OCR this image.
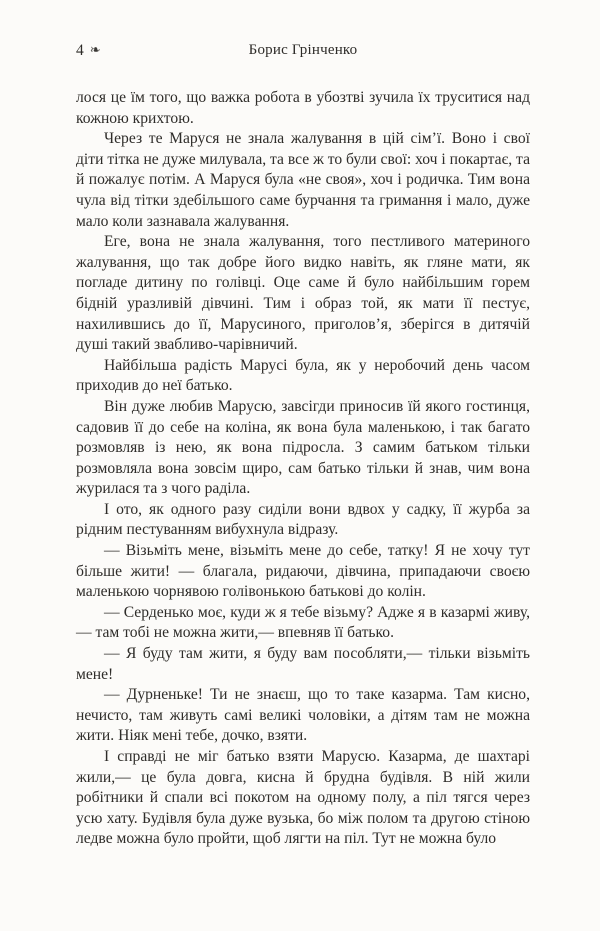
4 ❧	Борис Грінченко

лося це їм того, що важка робота в убозтві зучила їх труситися над кожною крихтою.

Через те Маруся не знала жалування в цій сім’ї. Воно і свої діти тітка не дуже милувала, та все ж то були свої: хоч і покартає, та й пожалує потім. А Маруся була «не своя», хоч і родичка. Тим вона чула від тітки здебільшого саме бурчання та гримання і мало, дуже мало коли зазнавала жалування.

Еге, вона не знала жалування, того пестливого материного жалування, що так добре його видко навіть, як гляне мати, як погладе дитину по голівці. Оце саме й було найбільшим горем бідній уразливій дівчині. Тим і образ той, як мати її пестує, нахилившись до її, Марусиного, приголов’я, зберігся в дитячій душі такий звабливо-чарівничий.

Найбільша радість Марусі була, як у неробочий день часом приходив до неї батько.

Він дуже любив Марусю, завсігди приносив їй якого гостинця, садовив її до себе на коліна, як вона була маленькою, і так багато розмовляв із нею, як вона підросла. З самим батьком тільки розмовляла вона зовсім щиро, сам батько тільки й знав, чим вона журилася та з чого раділа.

І ото, як одного разу сиділи вони вдвох у садку, її журба за рідним пестуванням вибухнула відразу.

— Візьміть мене, візьміть мене до себе, татку! Я не хочу тут більше жити! — благала, ридаючи, дівчина, припадаючи своєю маленькою чорнявою голівонькою батькові до колін.

— Серденько моє, куди ж я тебе візьму? Адже я в казармі живу,— там тобі не можна жити,— впевняв її батько.

— Я буду там жити, я буду вам пособляти,— тільки візьміть мене!

— Дурненьке! Ти не знаєш, що то таке казарма. Там кисно, нечисто, там живуть самі великі чоловіки, а дітям там не можна жити. Ніяк мені тебе, дочко, взяти.

І справді не міг батько взяти Марусю. Казарма, де шахтарі жили,— це була довга, кисна й брудна будівля. В ній жили робітники й спали всі покотом на одному полу, а піл тягся через усю хату. Будівля була дуже вузька, бо між полом та другою стіною ледве можна було пройти, щоб лягти на піл. Тут не можна було
